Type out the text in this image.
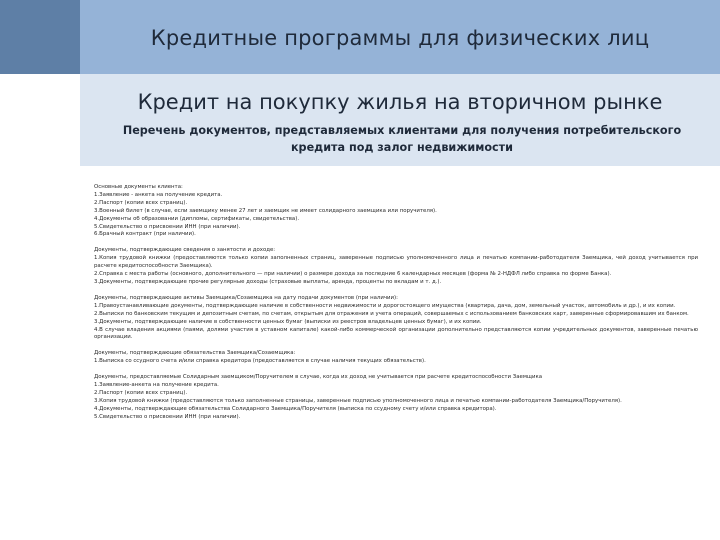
Кредитные программы для физических лиц
Кредит на покупку жилья на вторичном рынке
Перечень документов, представляемых клиентами для получения потребительского кредита под залог недвижимости
Основные документы клиента:
1.Заявление - анкета на получение кредита.
2.Паспорт (копии всех страниц).
3.Военный билет (в случае, если заемщику менее 27 лет и заемщик не имеет солидарного заемщика или поручителя).
4.Документы об образовании (дипломы, сертификаты, свидетельства).
5.Свидетельство о присвоении ИНН (при наличии).
6.Брачный контракт (при наличии).
Документы, подтверждающие сведения о занятости и доходе:
1.Копия трудовой книжки (предоставляются только копии заполненных страниц, заверенные подписью уполномоченного лица и печатью компании-работодателя Заемщика, чей доход учитывается при расчете кредитоспособности Заемщика).
2.Справка с места работы (основного, дополнительного — при наличии) о размере дохода за последние 6 календарных месяцев (форма № 2-НДФЛ либо справка по форме Банка).
3.Документы, подтверждающие прочие регулярные доходы (страховые выплаты, аренда, проценты по вкладам и т. д.).
Документы, подтверждающие активы Заемщика/Созаемщика на дату подачи документов (при наличии):
1.Правоустанавливающие документы, подтверждающие наличие в собственности недвижимости и дорогостоящего имущества (квартира, дача, дом, земельный участок, автомобиль и др.), и их копии.
2.Выписки по банковским текущим и депозитным счетам, по счетам, открытым для отражения и учета операций, совершаемых с использованием банковских карт, заверенные сформировавшим их банком.
3.Документы, подтверждающие наличие в собственности ценных бумаг (выписки из реестров владельцев ценных бумаг), и их копии.
4.В случае владения акциями (паями, долями участия в уставном капитале) какой-либо коммерческой организации дополнительно представляются копии учредительных документов, заверенные печатью организации.
Документы, подтверждающие обязательства Заемщика/Созаемщика:
1.Выписка со ссудного счета и/или справка кредитора (предоставляется в случае наличия текущих обязательств).
Документы, предоставляемые Солидарным заемщиком/Поручителем в случае, когда их доход не учитывается при расчете кредитоспособности Заемщика
1.Заявление-анкета на получение кредита.
2.Паспорт (копии всех страниц).
3.Копия трудовой книжки (предоставляются только заполненные страницы, заверенные подписью уполномоченного лица и печатью компании-работодателя Заемщика/Поручителя).
4.Документы, подтверждающие обязательства Солидарного Заемщика/Поручителя (выписка по ссудному счету и/или справка кредитора).
5.Свидетельство о присвоении ИНН (при наличии).
